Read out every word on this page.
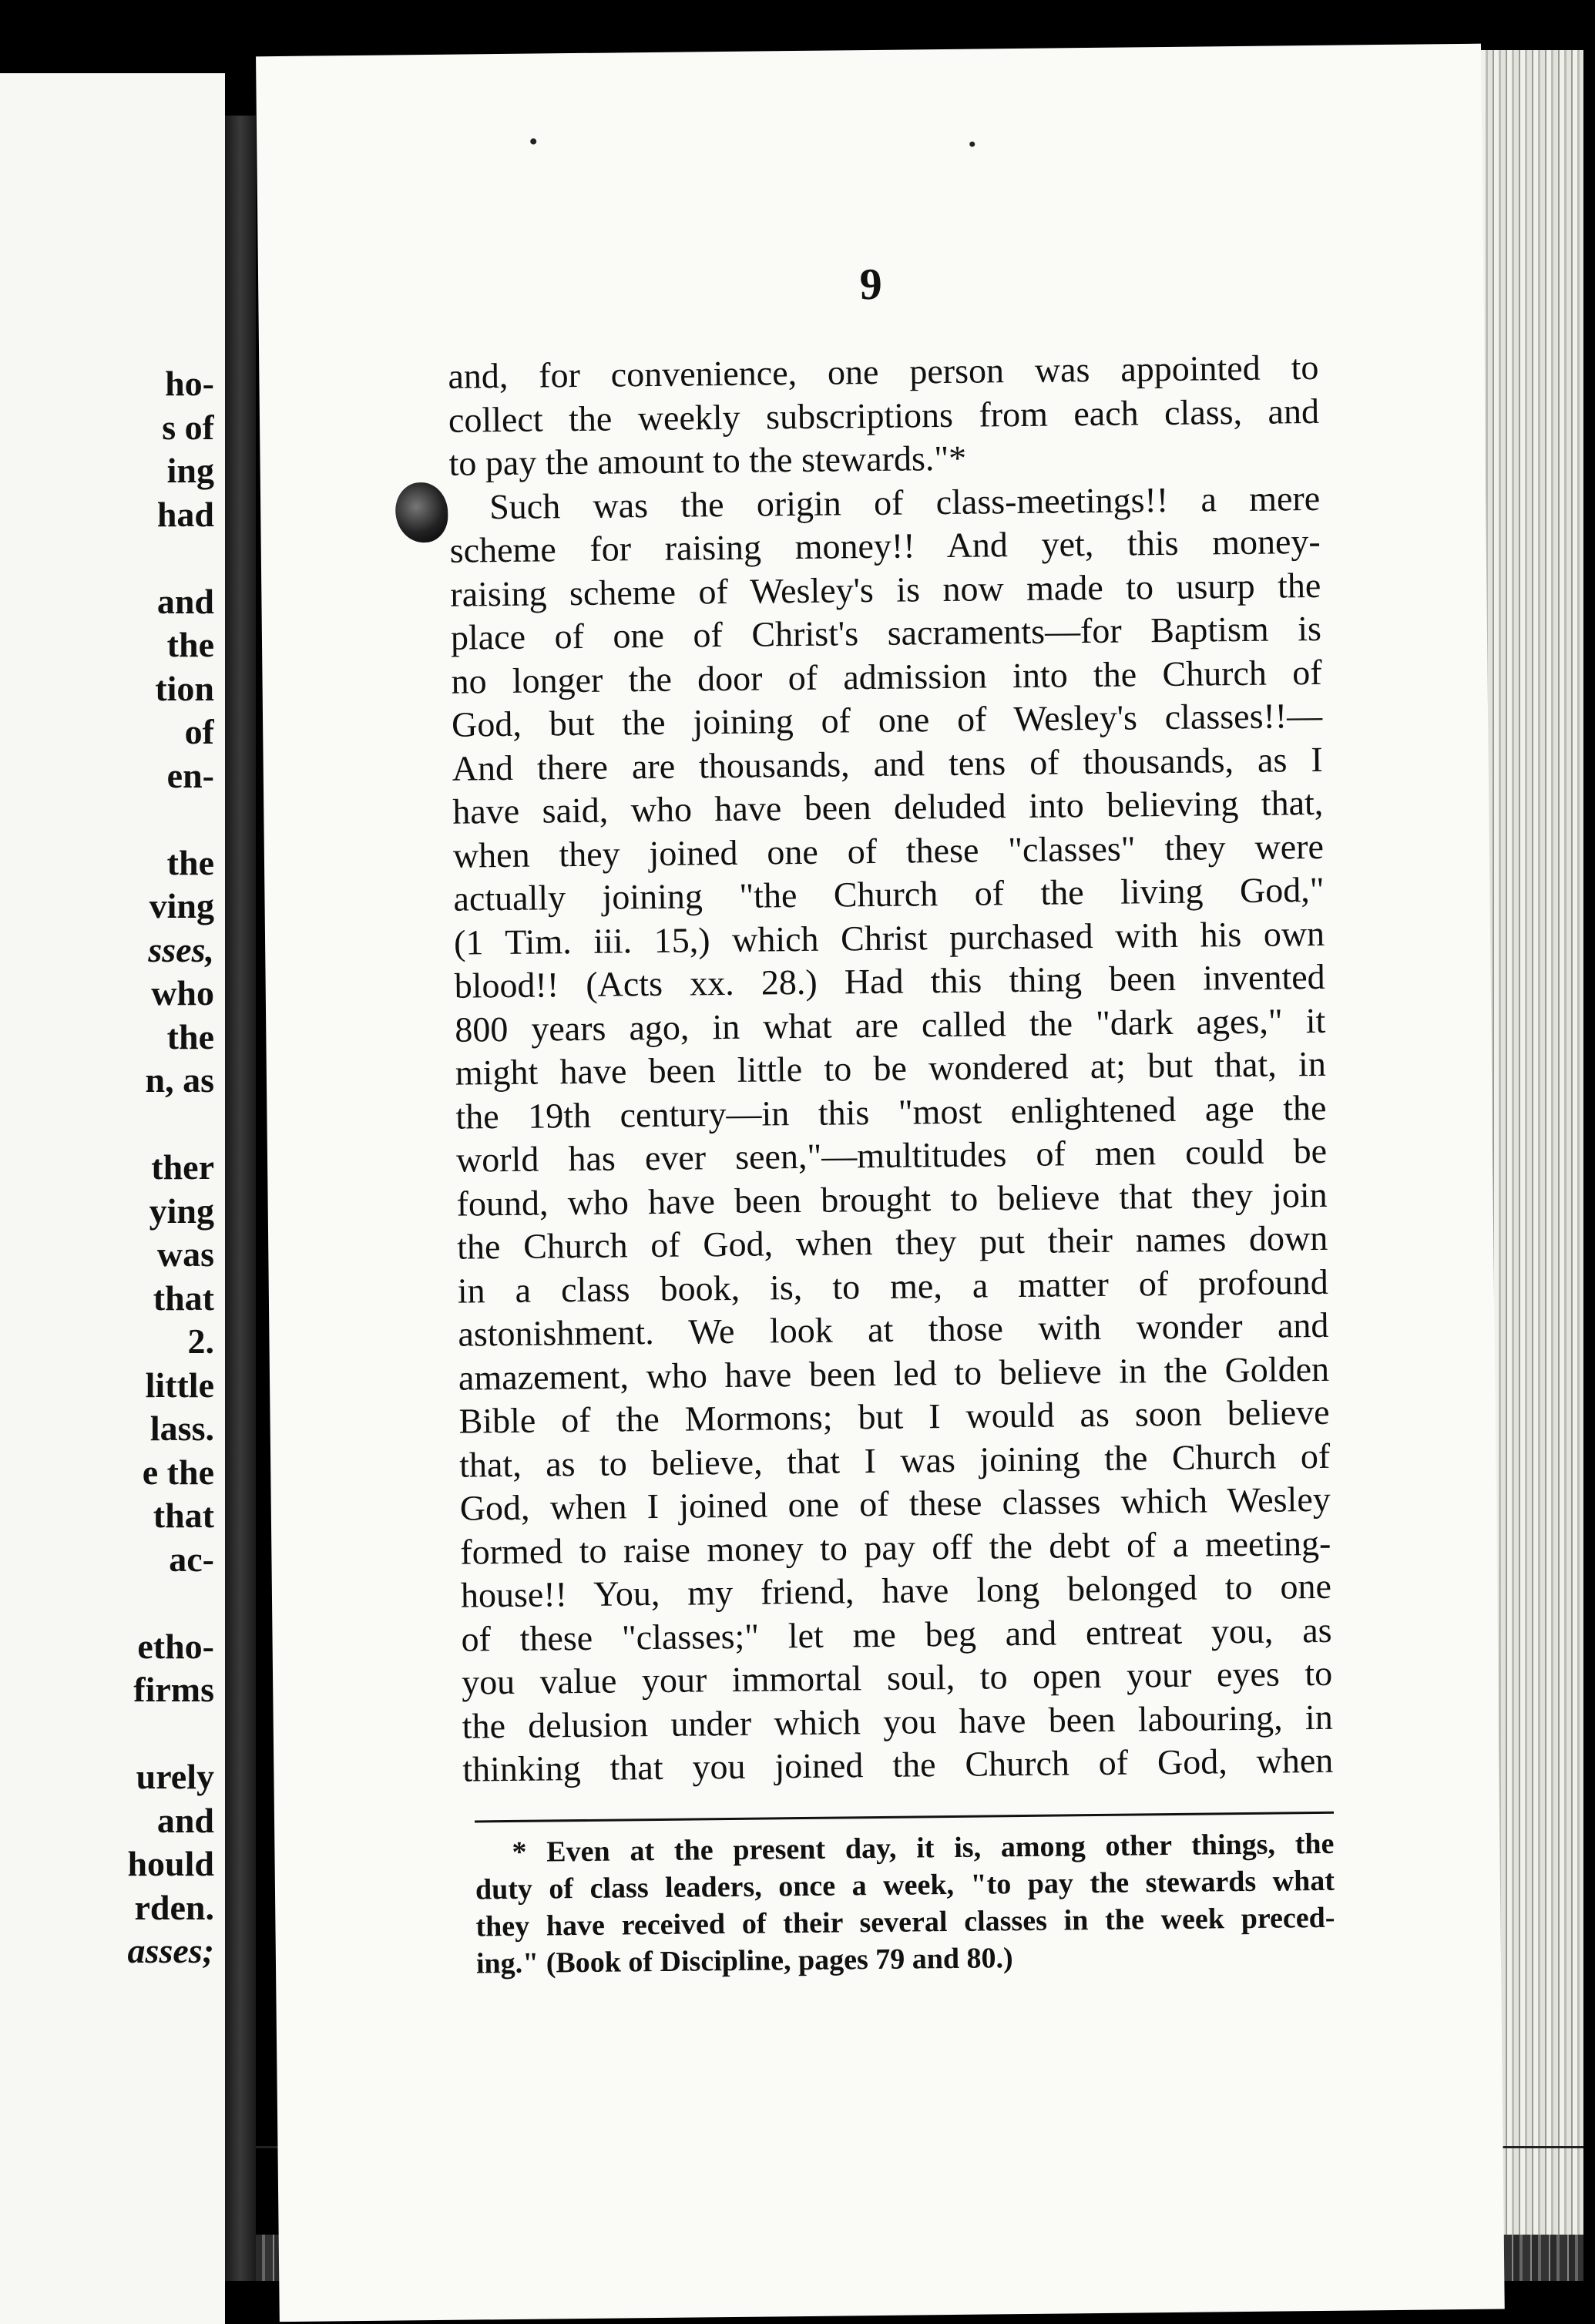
ho-
s of
ing
had
and
the
tion
of
en-
the
ving
sses,
who
the
n, as
ther
ying
was
that
2.
little
lass.
e the
that
ac-
etho-
firms
urely
and
hould
rden.
asses;
9
and, for convenience, one person was appointed to
collect the weekly subscriptions from each class, and
to pay the amount to the stewards."*
Such was the origin of class-meetings!! a mere
scheme for raising money!! And yet, this money-
raising scheme of Wesley's is now made to usurp the
place of one of Christ's sacraments—for Baptism is
no longer the door of admission into the Church of
God, but the joining of one of Wesley's classes!!—
And there are thousands, and tens of thousands, as I
have said, who have been deluded into believing that,
when they joined one of these "classes" they were
actually joining "the Church of the living God,"
(1 Tim. iii. 15,) which Christ purchased with his own
blood!! (Acts xx. 28.) Had this thing been invented
800 years ago, in what are called the "dark ages," it
might have been little to be wondered at; but that, in
the 19th century—in this "most enlightened age the
world has ever seen,"—multitudes of men could be
found, who have been brought to believe that they join
the Church of God, when they put their names down
in a class book, is, to me, a matter of profound
astonishment. We look at those with wonder and
amazement, who have been led to believe in the Golden
Bible of the Mormons; but I would as soon believe
that, as to believe, that I was joining the Church of
God, when I joined one of these classes which Wesley
formed to raise money to pay off the debt of a meeting-
house!! You, my friend, have long belonged to one
of these "classes;" let me beg and entreat you, as
you value your immortal soul, to open your eyes to
the delusion under which you have been labouring, in
thinking that you joined the Church of God, when
* Even at the present day, it is, among other things, the
duty of class leaders, once a week, "to pay the stewards what
they have received of their several classes in the week preced-
ing." (Book of Discipline, pages 79 and 80.)
